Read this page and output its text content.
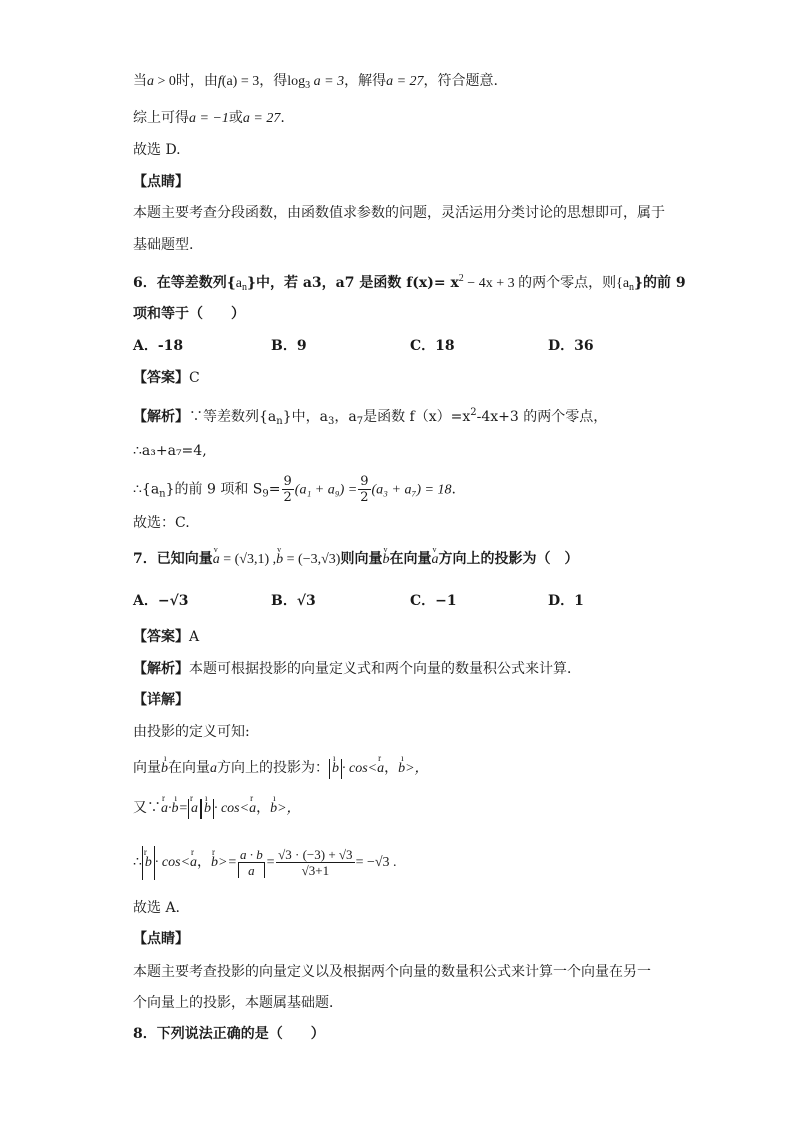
当a > 0时，由f(a) = 3，得$\log_3 a = 3$，解得a = 27，符合题意.
综上可得a = −1或a = 27.
故选 D.
【点睛】
本题主要考查分段函数，由函数值求参数的问题，灵活运用分类讨论的思想即可，属于
基础题型.
6．在等差数列$\{a_n\}$中，若 a3，a7 是函数 $f(x)= x^2 - 4x + 3$ 的两个零点，则$\{a_n\}$的前 9
项和等于（　　）
A．-18	B．9	C．18	D．36
【答案】C
【解析】∵等差数列$\{a_n\}$中，$a_3$，$a_7$是函数 $f(x)=x^2-4x+3$ 的两个零点，
∴a₃+a₇=4,
$\therefore\{a_n\}$的前 9 项和 $S_9= \frac{9}{2} (a_1 + a_9) = \frac{9}{2} (a_3 + a_7) = 18$.
故选：C.
7．已知向量v a = (√3,1) ,v b = (−3,√3)则向量v b在向量v a方向上的投影为（　）
A．−√3	B．√3	C．−1	D．1
【答案】A
【解析】本题可根据投影的向量定义式和两个向量的数量积公式来计算．
【详解】
由投影的定义可知:
向量ı b在向量a方向上的投影为： ı b · cos<r a，ı b>，
又∵r a·ı b= r a ı b · cos<r a，ı b>，
∴ r b · cos<r a，r $b>= \frac{a \cdot b}{a} = \frac{√3 \cdot (-3) + √3}{√3+1} = -√3$ .
故选 A.
【点睛】
本题主要考查投影的向量定义以及根据两个向量的数量积公式来计算一个向量在另一
个向量上的投影，本题属基础题．
8．下列说法正确的是（　　）
